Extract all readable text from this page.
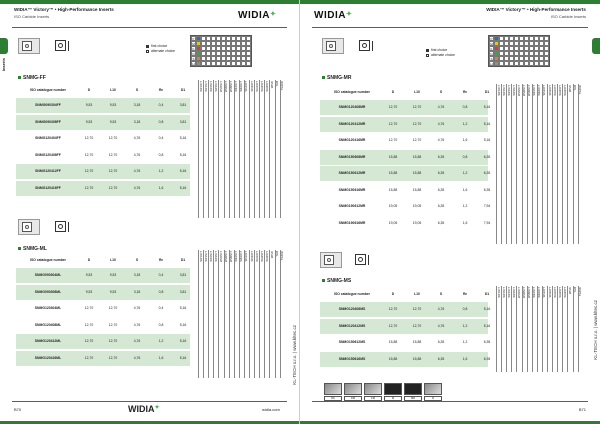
WIDIA™ Victory™ • High-Performance Inserts
ISO Carbide Inserts	WIDIA✦
Inserts
first choice
alternate choice
P
M
K
N
S
H
SNMG-FF
ISO catalogue number	D	L10	S	Rε	D1
SNMG090304FF	9,53	9,53	3,18	0,4	3,81
SNMG090308FF	9,53	9,53	3,18	0,8	3,81
SNMG120404FF	12,70	12,70	4,76	0,4	5,16
SNMG120408FF	12,70	12,70	4,76	0,8	5,16
SNMG120412FF	12,70	12,70	4,76	1,2	5,16
SNMG120416FF	12,70	12,70	4,76	1,6	5,16
WP10CT WP15CT WP25CT WP35CT WM15CT WM25CT WM35CT WK15CT WK20CT WS10PT WS30PT WU10PT WU25PT WU35PT WP20 THM TN2000
SNMG-ML
ISO catalogue number	D	L10	S	Rε	D1
SNMG090304ML	9,53	9,53	3,18	0,4	3,81
SNMG090308ML	9,53	9,53	3,18	0,8	3,81
SNMG120404ML	12,70	12,70	4,76	0,4	5,16
SNMG120408ML	12,70	12,70	4,76	0,8	5,16
SNMG120412ML	12,70	12,70	4,76	1,2	5,16
SNMG120416ML	12,70	12,70	4,76	1,6	5,16
WP10CT WP15CT WP25CT WP35CT WM15CT WM25CT WM35CT WK15CT WK20CT WS10PT WS30PT WU10PT WU25PT WU35PT WP20 THM TN2000
KL-TECH s.r.o. | www.kltec.cz
B70	WIDIA✦	widia.com
WIDIA™ Victory™ • High-Performance Inserts
ISO Carbide Inserts
WIDIA✦
first choice
alternate choice
P
M
K
N
S
H
SNMG-MR
ISO catalogue number	D	L10	S	Rε	D1
SNMG120408MR	12,70	12,70	4,76	0,8	5,16
SNMG120412MR	12,70	12,70	4,76	1,2	5,16
SNMG120416MR	12,70	12,70	4,76	1,6	5,16
SNMG150608MR	15,88	15,88	6,35	0,8	6,35
SNMG150612MR	15,88	15,88	6,35	1,2	6,35
SNMG150616MR	15,88	15,88	6,35	1,6	6,35
SNMG190612MR	19,05	19,05	6,35	1,2	7,94
SNMG190616MR	19,05	19,05	6,35	1,6	7,94
WP10CT WP15CT WP25CT WP35CT WM15CT WM25CT WM35CT WK15CT WK20CT WS10PT WS30PT WU10PT WU25PT WU35PT WP20 THM TN2000
SNMG-MS
ISO catalogue number	D	L10	S	Rε	D1
SNMG120408MS	12,70	12,70	4,76	0,8	5,16
SNMG120412MS	12,70	12,70	4,76	1,2	5,16
SNMG150612MS	15,88	15,88	6,35	1,2	6,35
SNMG150616MS	15,88	15,88	6,35	1,6	6,35
WP10CT WP15CT WP25CT WP35CT WM15CT WM25CT WM35CT WK15CT WK20CT WS10PT WS30PT WU10PT WU25PT WU35PT WP20 THM TN2000
DS	DM	FM	M	MR	R
KL-TECH s.r.o. | www.kltec.cz
B71
